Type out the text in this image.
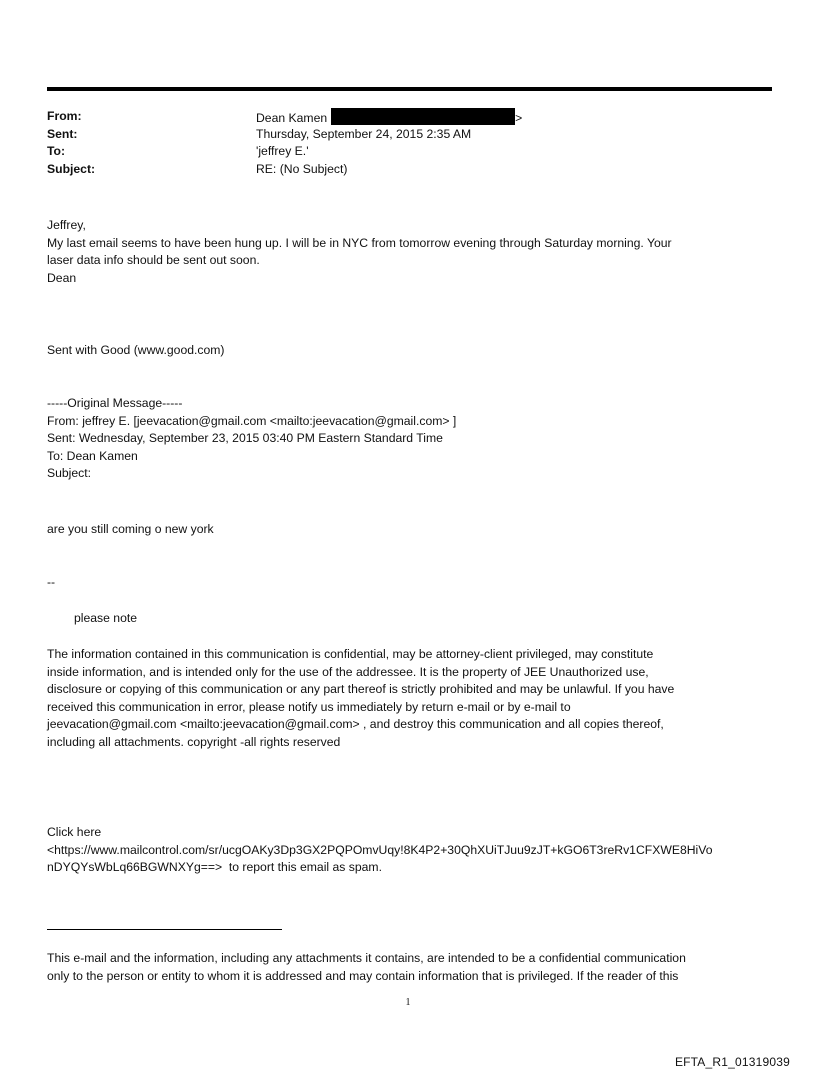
From:	Dean Kamen	>
Sent:	Thursday, September 24, 2015 2:35 AM
To:	'jeffrey E.'
Subject:	RE: (No Subject)

Jeffrey,

My last email seems to have been hung up. I will be in NYC from tomorrow evening through Saturday morning. Your

laser data info should be sent out soon.

Dean

Sent with Good (www.good.com)

-----Original Message-----

From: jeffrey E. [jeevacation@gmail.com <mailto:jeevacation@gmail.com> ]

Sent: Wednesday, September 23, 2015 03:40 PM Eastern Standard Time

To: Dean Kamen

Subject:

are you still coming o new york

--

please note

The information contained in this communication is confidential, may be attorney-client privileged, may constitute

inside information, and is intended only for the use of the addressee. It is the property of JEE Unauthorized use,

disclosure or copying of this communication or any part thereof is strictly prohibited and may be unlawful. If you have

received this communication in error, please notify us immediately by return e-mail or by e-mail to

jeevacation@gmail.com <mailto:jeevacation@gmail.com> , and destroy this communication and all copies thereof,

including all attachments. copyright -all rights reserved

Click here

<https://www.mailcontrol.com/sr/ucgOAKy3Dp3GX2PQPOmvUqy!8K4P2+30QhXUiTJuu9zJT+kGO6T3reRv1CFXWE8HiVo

nDYQYsWbLq66BGWNXYg==>  to report this email as spam.

This e-mail and the information, including any attachments it contains, are intended to be a confidential communication

only to the person or entity to whom it is addressed and may contain information that is privileged. If the reader of this

1
EFTA_R1_01319039
